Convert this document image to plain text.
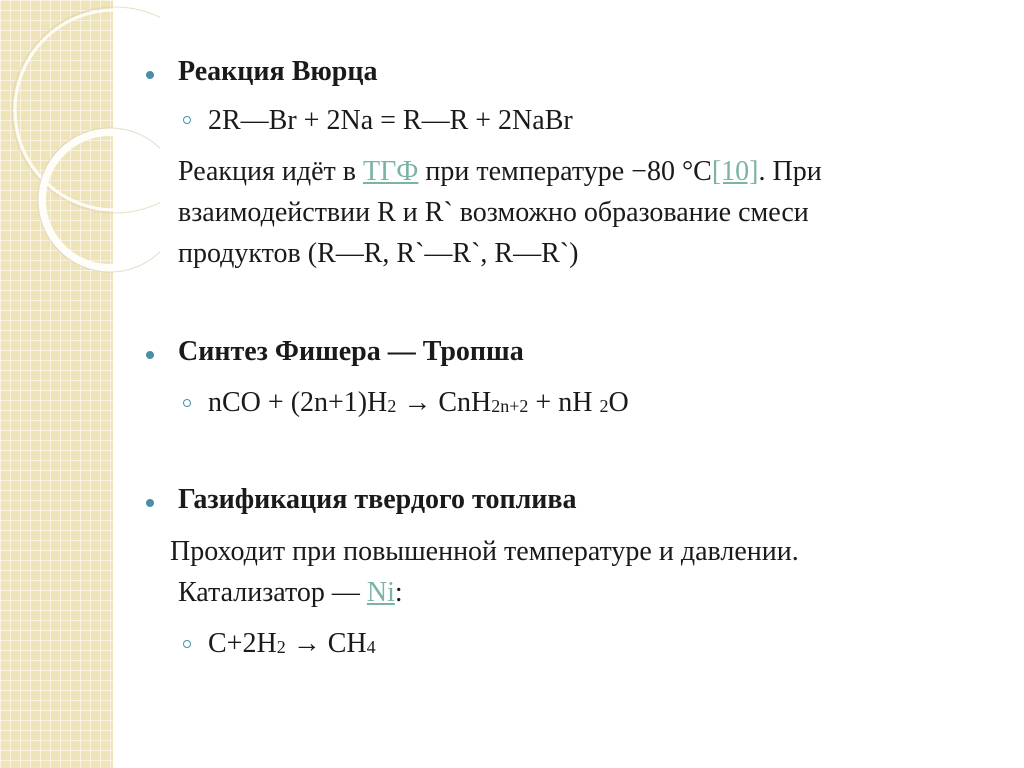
Реакция Вюрца
2R—Br + 2Na = R—R + 2NaBr
Реакция идёт в ТГФ при температуре −80 °C[10]. При
взаимодействии R и R` возможно образование смеси
продуктов (R—R, R`—R`, R—R`)
Синтез Фишера — Тропша
nCO + $(2n+1)H_2 \to CnH_{2n+2}$ + nH $_2$O
Газификация твердого топлива
Проходит при повышенной температуре и давлении.
Катализатор — Ni:
$C+2H_2 \to CH_4$
